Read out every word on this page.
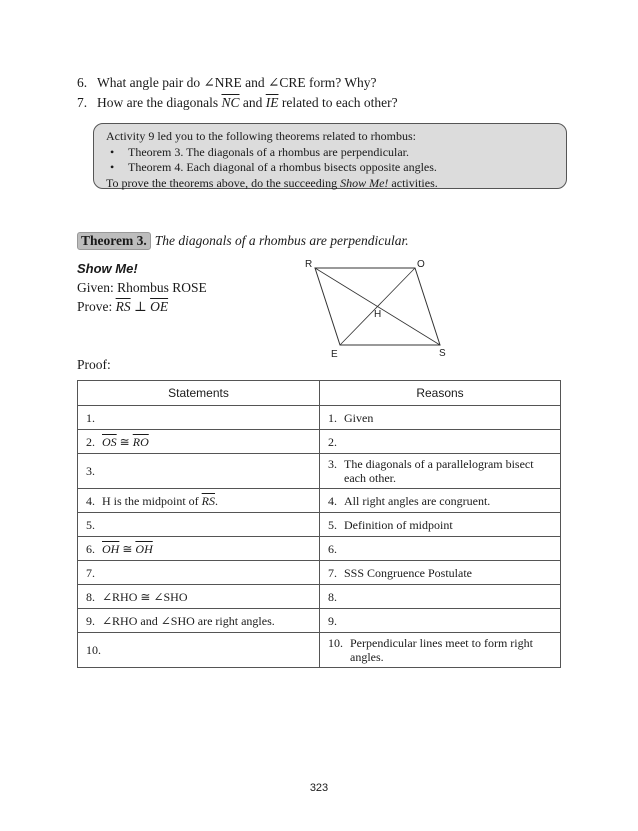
6. What angle pair do ∠NRE and ∠CRE form? Why?
7. How are the diagonals $\overline{NC}$ and $\overline{IE}$ related to each other?
Activity 9 led you to the following theorems related to rhombus:
• Theorem 3. The diagonals of a rhombus are perpendicular.
• Theorem 4. Each diagonal of a rhombus bisects opposite angles.
To prove the theorems above, do the succeeding Show Me! activities.
Theorem 3. The diagonals of a rhombus are perpendicular.
Show Me!
Given: Rhombus ROSE
Prove: $\overline{RS}$ ⊥ $\overline{OE}$
R	O
S
E
H
Proof:
Statements	Reasons

1.	1. Given

2. $\overline{OS}$ ≅ $\overline{RO}$	2.

3.	3. The diagonals of a parallelogram bisect each other.

4. H is the midpoint of $\overline{RS}$.	4. All right angles are congruent.

5.	5. Definition of midpoint

6. $\overline{OH}$ ≅ $\overline{OH}$	6.

7.	7. SSS Congruence Postulate

8. ∠RHO ≅ ∠SHO	8.

9. ∠RHO and ∠SHO are right angles.	9.

10.	10. Perpendicular lines meet to form right angles.
323
